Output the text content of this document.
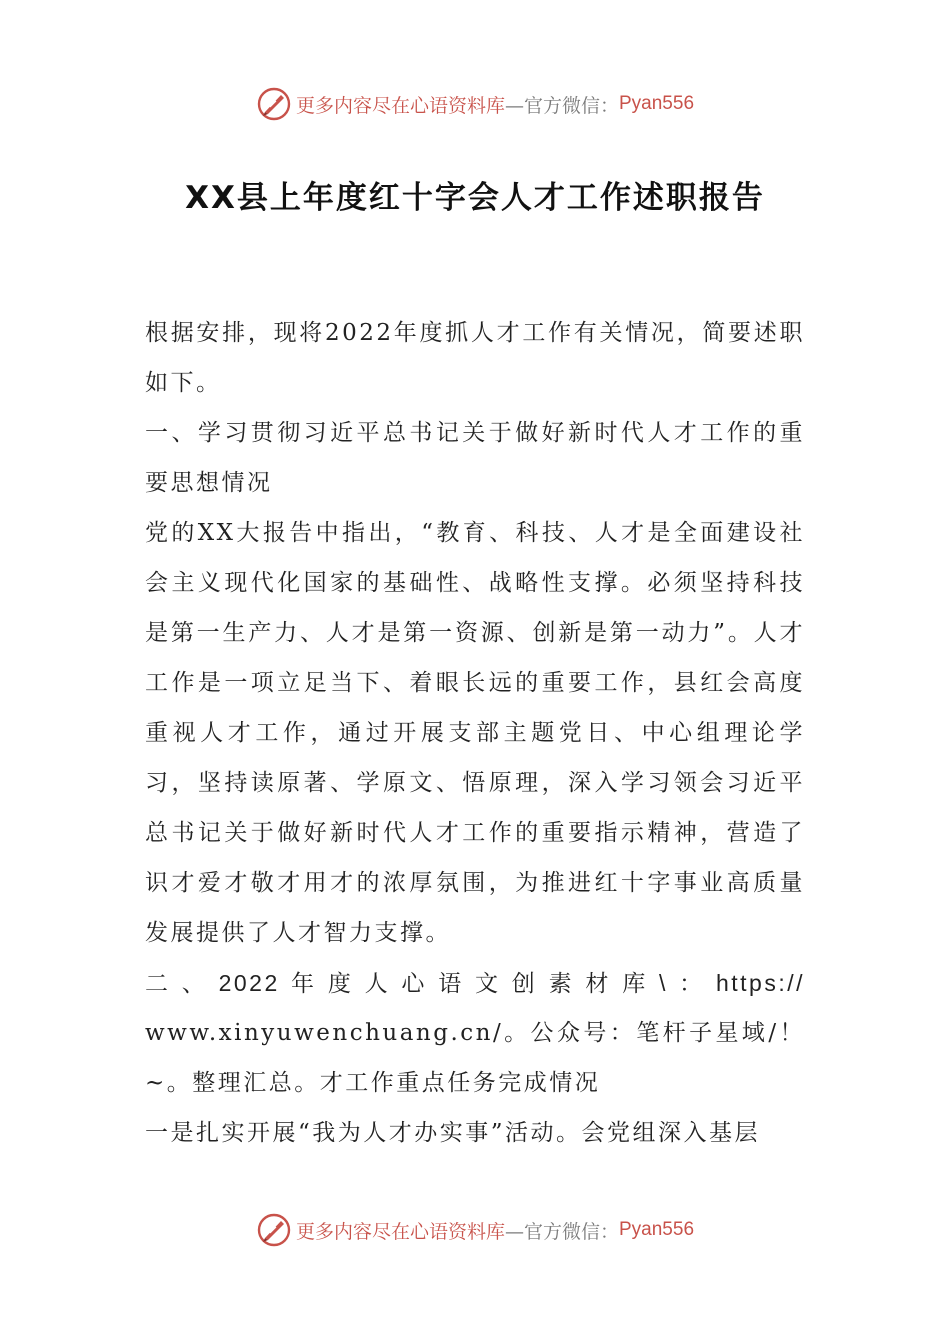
更多内容尽在心语资料库 —官方微信： Pyan556
XX县上年度红十字会人才工作述职报告

根据安排，现将2022年度抓人才工作有关情况，简要述职如下。

一、学习贯彻习近平总书记关于做好新时代人才工作的重要思想情况

党的XX大报告中指出，“教育、科技、人才是全面建设社会主义现代化国家的基础性、战略性支撑。必须坚持科技是第一生产力、人才是第一资源、创新是第一动力”。人才工作是一项立足当下、着眼长远的重要工作，县红会高度重视人才工作，通过开展支部主题党日、中心组理论学习，坚持读原著、学原文、悟原理，深入学习领会习近平总书记关于做好新时代人才工作的重要指示精神，营造了识才爱才敬才用才的浓厚氛围，为推进红十字事业高质量发展提供了人才智力支撑。

二、2022年度人心语文创素材库\：https://

www.xinyuwenchuang.cn/。公众号：笔杆子星域/！~。整理汇总。才工作重点任务完成情况

一是扎实开展“我为人才办实事”活动。会党组深入基层

更多内容尽在心语资料库 —官方微信： Pyan556
